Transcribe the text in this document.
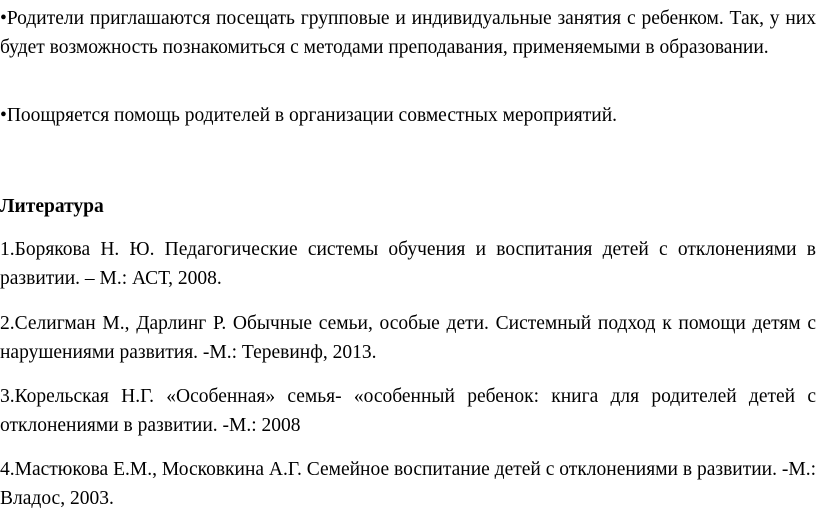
•Родители приглашаются посещать групповые и индивидуальные занятия с ребенком. Так, у них будет возможность познакомиться с методами преподавания, применяемыми в образовании.

•Поощряется помощь родителей в организации совместных мероприятий.

Литература

1.Борякова Н. Ю. Педагогические системы обучения и воспитания детей с отклонениями в развитии. – М.: АСТ, 2008.

2.Селигман М., Дарлинг Р. Обычные семьи, особые дети. Системный подход к помощи детям с нарушениями развития. -М.: Теревинф, 2013.

3.Корельская Н.Г. «Особенная» семья- «особенный ребенок: книга для родителей детей с отклонениями в развитии. -М.: 2008

4.Мастюкова Е.М., Московкина А.Г. Семейное воспитание детей с отклонениями в развитии. -М.: Владос, 2003.
